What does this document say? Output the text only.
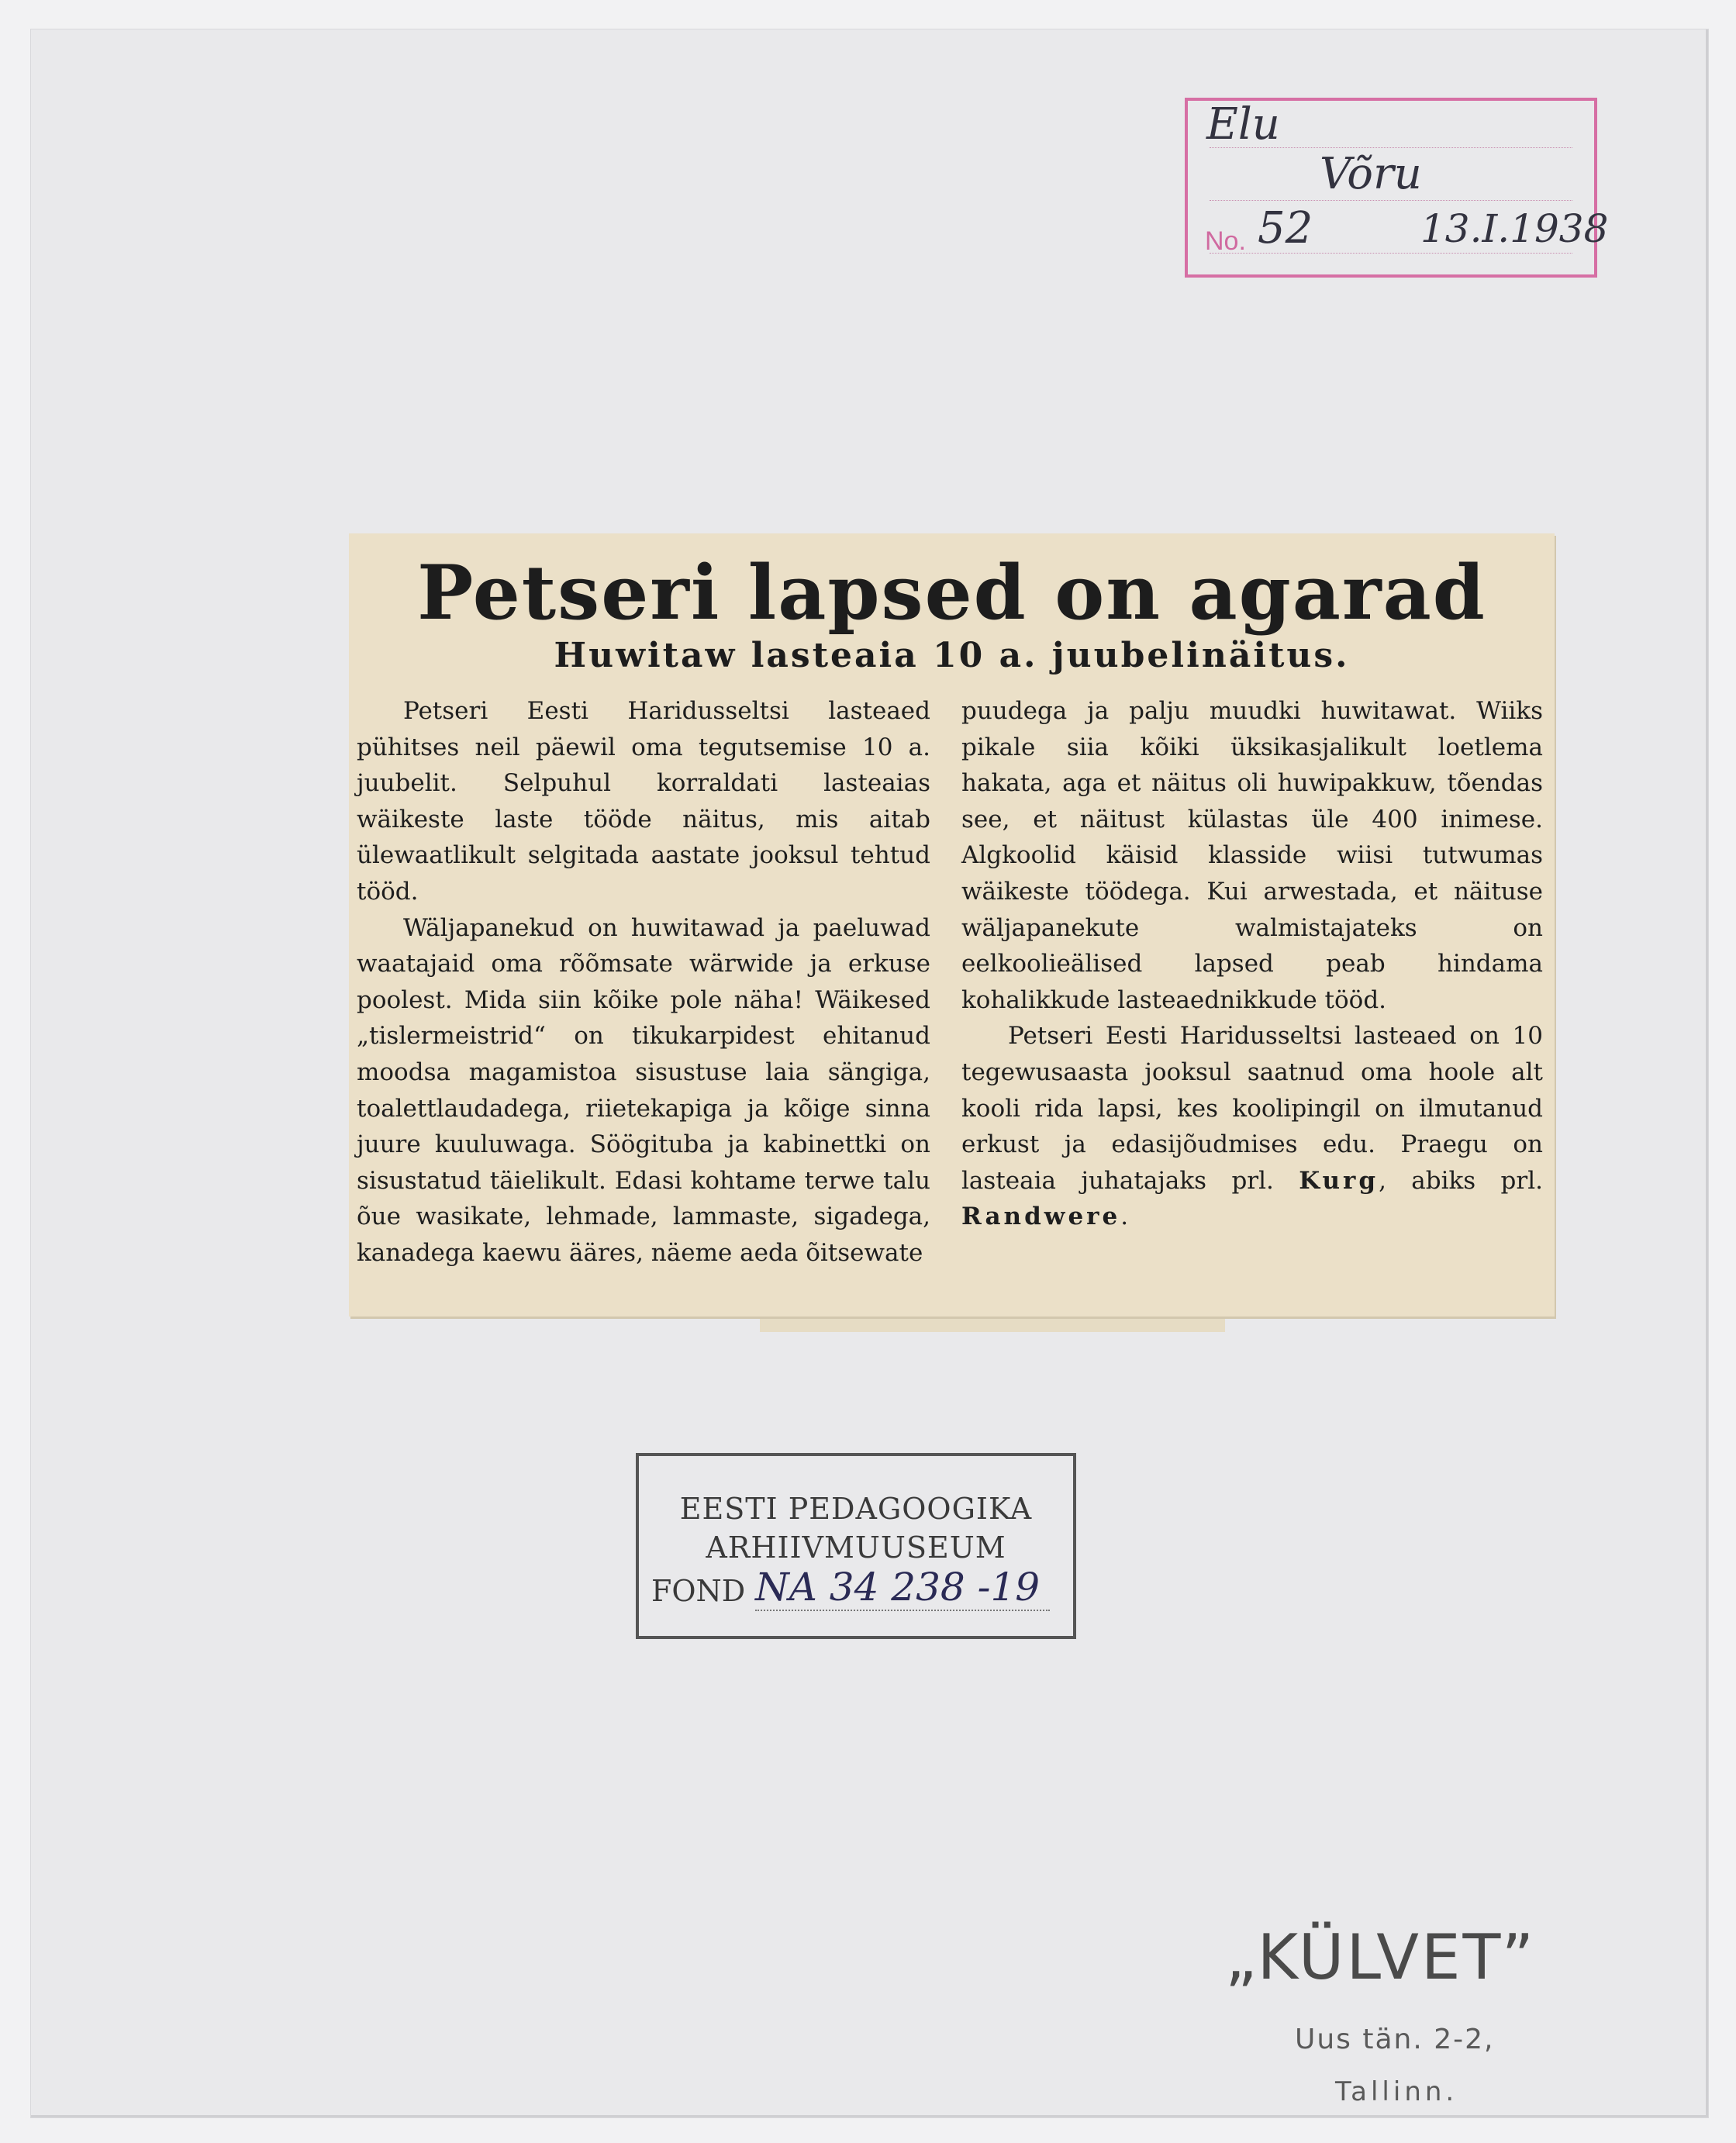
Elu
Võru
No. 52	13.I.1938
Petseri lapsed on agarad
Huwitaw lasteaia 10 a. juubelinäitus.

Petseri Eesti Haridusseltsi lasteaed pühitses neil päewil oma tegutsemise 10 a. juubelit. Selpuhul korraldati lasteaias wäikeste laste tööde näitus, mis aitab ülewaatlikult selgitada aastate jooksul tehtud tööd.

Wäljapanekud on huwitawad ja paeluwad waatajaid oma rõõmsate wärwide ja erkuse poolest. Mida siin kõike pole näha! Wäikesed „tislermeistrid“ on tikukarpidest ehitanud moodsa magamistoa sisustuse laia sängiga, toalettlaudadega, riietekapiga ja kõige sinna juure kuuluwaga. Söögituba ja kabinettki on sisustatud täielikult. Edasi kohtame terwe talu õue wasikate, lehmade, lammaste, sigadega, kanadega kaewu ääres, näeme aeda õitsewate

puudega ja palju muudki huwitawat. Wiiks pikale siia kõiki üksikasjalikult loetlema hakata, aga et näitus oli huwipakkuw, tõendas see, et näitust külastas üle 400 inimese. Algkoolid käisid klasside wiisi tutwumas wäikeste töödega. Kui arwestada, et näituse wäljapanekute walmistajateks on eelkoolieälised lapsed peab hindama kohalikkude lasteaednikkude tööd.

Petseri Eesti Haridusseltsi lasteaed on 10 tegewusaasta jooksul saatnud oma hoole alt kooli rida lapsi, kes koolipingil on ilmutanud erkust ja edasijõudmises edu. Praegu on lasteaia juhatajaks prl. Kurg, abiks prl. Randwere.

EESTI PEDAGOOGIKA
ARHIIVMUUSEUM
FOND NA 34 238 -19
„KÜLVET”
Uus tän. 2-2,
Tallinn.
